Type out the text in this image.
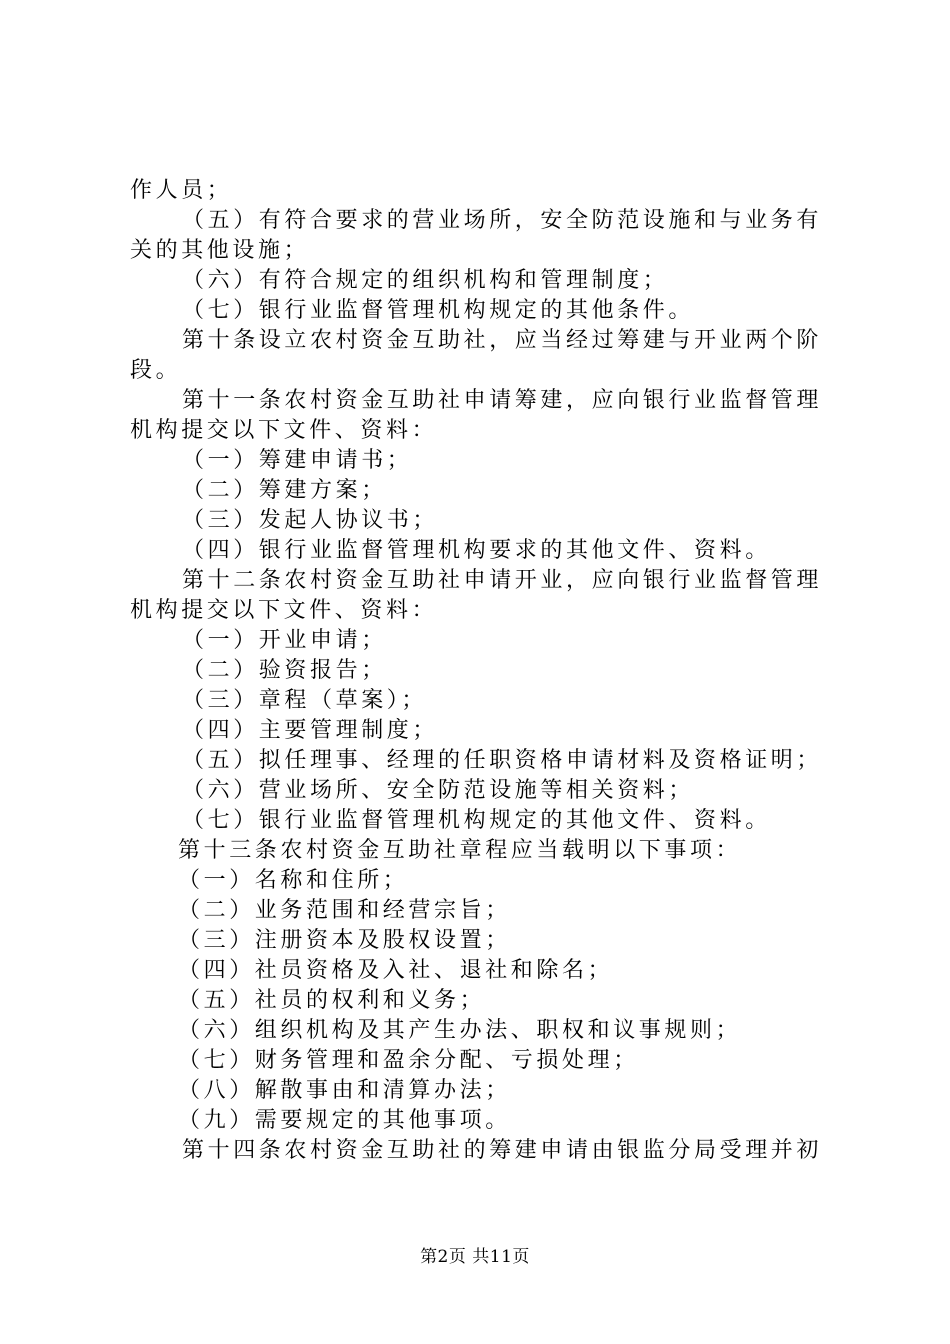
作人员；
（五）有符合要求的营业场所，安全防范设施和与业务有
关的其他设施；
（六）有符合规定的组织机构和管理制度；
（七）银行业监督管理机构规定的其他条件。
第十条设立农村资金互助社，应当经过筹建与开业两个阶
段。
第十一条农村资金互助社申请筹建，应向银行业监督管理
机构提交以下文件、资料：
（一）筹建申请书；
（二）筹建方案；
（三）发起人协议书；
（四）银行业监督管理机构要求的其他文件、资料。
第十二条农村资金互助社申请开业，应向银行业监督管理
机构提交以下文件、资料：
（一）开业申请；
（二）验资报告；
（三）章程（草案）；
（四）主要管理制度；
（五）拟任理事、经理的任职资格申请材料及资格证明；
（六）营业场所、安全防范设施等相关资料；
（七）银行业监督管理机构规定的其他文件、资料。
第十三条农村资金互助社章程应当载明以下事项：
（一）名称和住所；
（二）业务范围和经营宗旨；
（三）注册资本及股权设置；
（四）社员资格及入社、退社和除名；
（五）社员的权利和义务；
（六）组织机构及其产生办法、职权和议事规则；
（七）财务管理和盈余分配、亏损处理；
（八）解散事由和清算办法；
（九）需要规定的其他事项。
第十四条农村资金互助社的筹建申请由银监分局受理并初
第2页 共11页
